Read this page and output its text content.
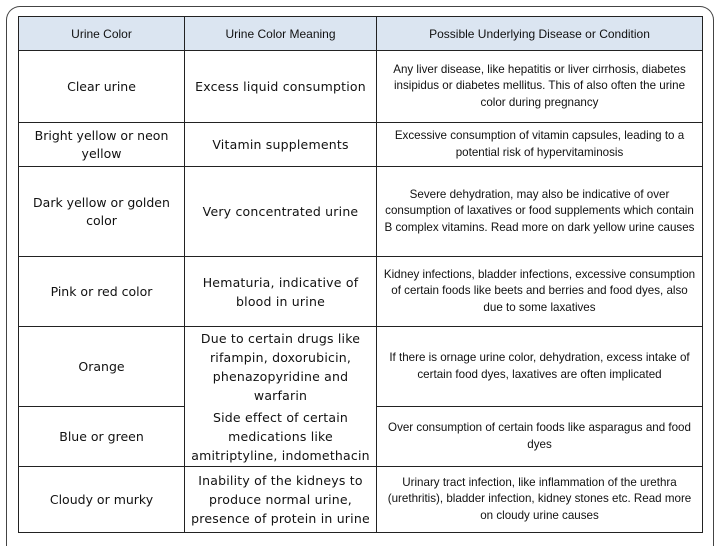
Urine Color	Urine Color Meaning	Possible Underlying Disease or Condition
Clear urine	Excess liquid consumption	Any liver disease, like hepatitis or liver cirrhosis, diabetes insipidus or diabetes mellitus. This of also often the urine color during pregnancy
Bright yellow or neon yellow	Vitamin supplements	Excessive consumption of vitamin capsules, leading to a potential risk of hypervitaminosis
Dark yellow or golden color	Very concentrated urine	Severe dehydration, may also be indicative of over consumption of laxatives or food supplements which contain B complex vitamins. Read more on dark yellow urine causes
Pink or red color	Hematuria, indicative of blood in urine	Kidney infections, bladder infections, excessive consumption of certain foods like beets and berries and food dyes, also due to some laxatives
Orange	Due to certain drugs like rifampin, doxorubicin, phenazopyridine and warfarin	If there is ornage urine color, dehydration, excess intake of certain food dyes, laxatives are often implicated
Blue or green	Side effect of certain medications like amitriptyline, indomethacin	Over consumption of certain foods like asparagus and food dyes
Cloudy or murky	Inability of the kidneys to produce normal urine, presence of protein in urine	Urinary tract infection, like inflammation of the urethra (urethritis), bladder infection, kidney stones etc. Read more on cloudy urine causes
